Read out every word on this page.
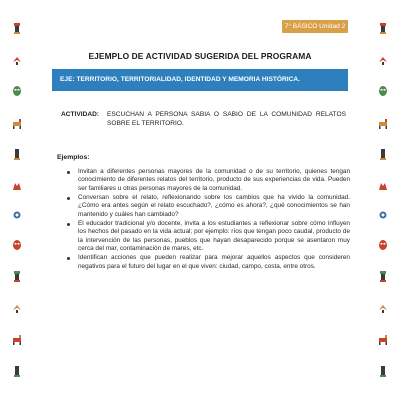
7° BÁSICO Unidad 2
EJEMPLO DE ACTIVIDAD SUGERIDA DEL PROGRAMA
EJE: TERRITORIO, TERRITORIALIDAD, IDENTIDAD Y MEMORIA HISTÓRICA.
ACTIVIDAD: ESCUCHAN A PERSONA SABIA O SABIO DE LA COMUNIDAD RELATOS SOBRE EL TERRITORIO.
Ejemplos:
Invitan a diferentes personas mayores de la comunidad o de su territorio, quienes tengan conocimiento de diferentes relatos del territorio, producto de sus experiencias de vida. Pueden ser familiares u otras personas mayores de la comunidad.
Conversan sobre el relato, reflexionando sobre los cambios que ha vivido la comunidad. ¿Cómo era antes según el relato escuchado?, ¿cómo es ahora?, ¿qué conocimientos se han mantenido y cuáles han cambiado?
El educador tradicional y/o docente, invita a los estudiantes a reflexionar sobre cómo influyen los hechos del pasado en la vida actual; por ejemplo: ríos que tengan poco caudal, producto de la intervención de las personas, pueblos que hayan desaparecido porque se asentaron muy cerca del mar, contaminación de mares, etc.
Identifican acciones que pueden realizar para mejorar aquellos aspectos que consideren negativos para el futuro del lugar en el que viven: ciudad, campo, costa, entre otros.
